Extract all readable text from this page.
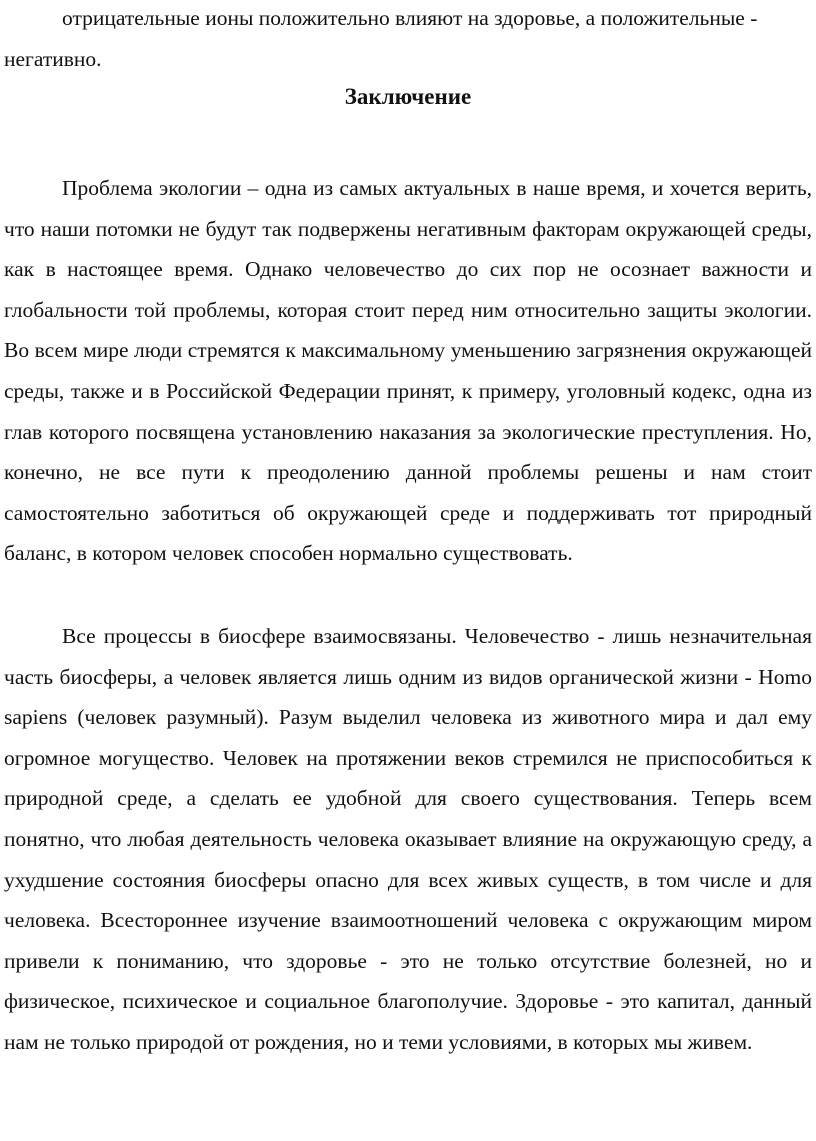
отрицательные ионы положительно влияют на здоровье, а положительные -

негативно.

Заключение

Проблема экологии – одна из самых актуальных в наше время, и хочется верить, что наши потомки не будут так подвержены негативным факторам окружающей среды, как в настоящее время. Однако человечество до сих пор не осознает важности и глобальности той проблемы, которая стоит перед ним относительно защиты экологии. Во всем мире люди стремятся к максимальному уменьшению загрязнения окружающей среды, также и в Российской Федерации принят, к примеру, уголовный кодекс, одна из глав которого посвящена установлению наказания за экологические преступления. Но, конечно, не все пути к преодолению данной проблемы решены и нам стоит самостоятельно заботиться об окружающей среде и поддерживать тот природный баланс, в котором человек способен нормально существовать.

Все процессы в биосфере взаимосвязаны. Человечество - лишь незначительная часть биосферы, а человек является лишь одним из видов органической жизни - Homo sapiens (человек разумный). Разум выделил человека из животного мира и дал ему огромное могущество. Человек на протяжении веков стремился не приспособиться к природной среде, а сделать ее удобной для своего существования. Теперь всем понятно, что любая деятельность человека оказывает влияние на окружающую среду, а ухудшение состояния биосферы опасно для всех живых существ, в том числе и для человека. Всестороннее изучение взаимоотношений человека с окружающим миром привели к пониманию, что здоровье - это не только отсутствие болезней, но и физическое, психическое и социальное благополучие. Здоровье - это капитал, данный нам не только природой от рождения, но и теми условиями, в которых мы живем.
